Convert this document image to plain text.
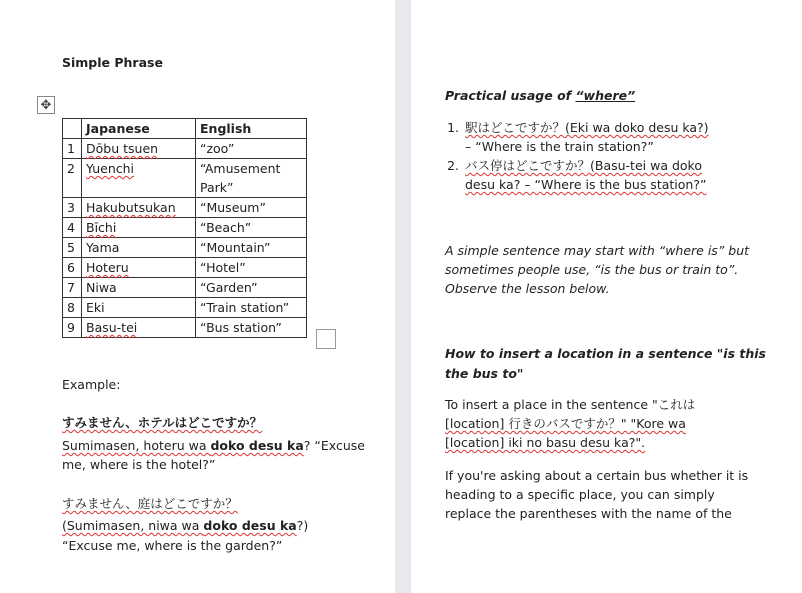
Simple Phrase
✥
	Japanese	English
1	Dōbu tsuen	“zoo”
2	Yuenchi	“Amusement Park”
3	Hakubutsukan	“Museum”
4	Bīchi	“Beach”
5	Yama	“Mountain”
6	Hoteru	“Hotel”
7	Niwa	“Garden”
8	Eki	“Train station”
9	Basu-tei	“Bus station”
Example:
すみません、ホテルはどこですか？
Sumimasen, hoteru wa doko desu ka? “Excuse
me, where is the hotel?”
すみません、庭はどこですか？
(Sumimasen, niwa wa doko desu ka?)
“Excuse me, where is the garden?”
Practical usage of “where”
1. 駅はどこですか？(Eki wa doko desu ka?)
– “Where is the train station?”
2. バス停はどこですか？(Basu-tei wa doko
desu ka? – “Where is the bus station?”
A simple sentence may start with “where is” but
sometimes people use, “is the bus or train to”.
Observe the lesson below.
How to insert a location in a sentence "is this
the bus to"
To insert a place in the sentence "これは
[location] 行きのバスですか？" "Kore wa
[location] iki no basu desu ka?".
If you're asking about a certain bus whether it is
heading to a specific place, you can simply
replace the parentheses with the name of the
